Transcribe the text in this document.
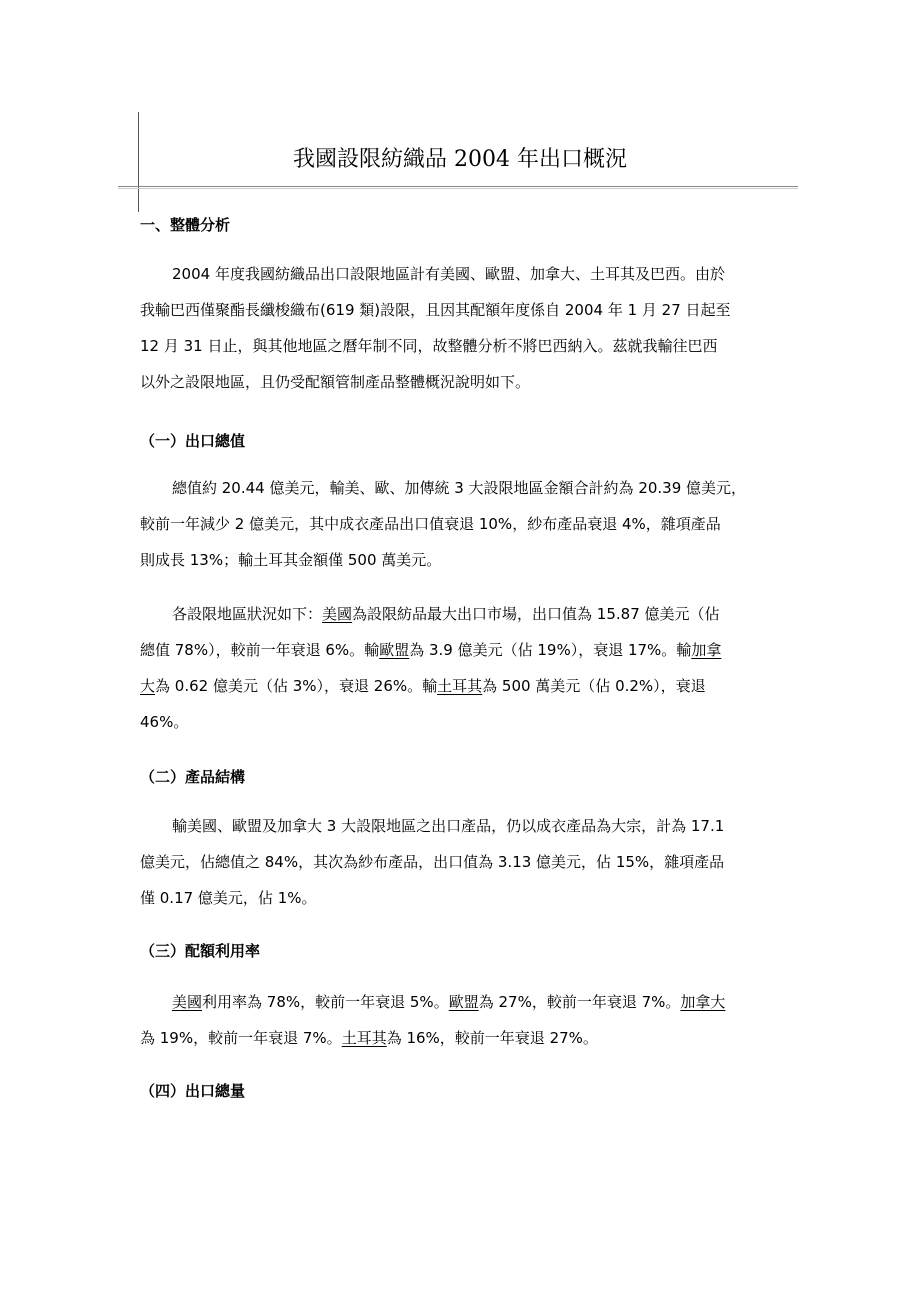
我國設限紡織品 2004 年出口概況
一、整體分析
2004 年度我國紡織品出口設限地區計有美國、歐盟、加拿大、土耳其及巴西。由於
我輸巴西僅聚酯長纖梭織布(619 類)設限，且因其配額年度係自 2004 年 1 月 27 日起至
12 月 31 日止，與其他地區之曆年制不同，故整體分析不將巴西納入。茲就我輸往巴西
以外之設限地區，且仍受配額管制產品整體概況說明如下。
（一）出口總值
總值約 20.44 億美元，輸美、歐、加傳統 3 大設限地區金額合計約為 20.39 億美元，
較前一年減少 2 億美元，其中成衣產品出口值衰退 10%，紗布產品衰退 4%，雜項產品
則成長 13%；輸土耳其金額僅 500 萬美元。
各設限地區狀況如下：美國為設限紡品最大出口市場，出口值為 15.87 億美元（佔
總值 78%），較前一年衰退 6%。輸歐盟為 3.9 億美元（佔 19%），衰退 17%。輸加拿
大為 0.62 億美元（佔 3%），衰退 26%。輸土耳其為 500 萬美元（佔 0.2%），衰退
46%。
（二）產品結構
輸美國、歐盟及加拿大 3 大設限地區之出口產品，仍以成衣產品為大宗，計為 17.1
億美元，佔總值之 84%，其次為紗布產品，出口值為 3.13 億美元，佔 15%，雜項產品
僅 0.17 億美元，佔 1%。
（三）配額利用率
美國利用率為 78%，較前一年衰退 5%。歐盟為 27%，較前一年衰退 7%。加拿大
為 19%，較前一年衰退 7%。土耳其為 16%，較前一年衰退 27%。
（四）出口總量
